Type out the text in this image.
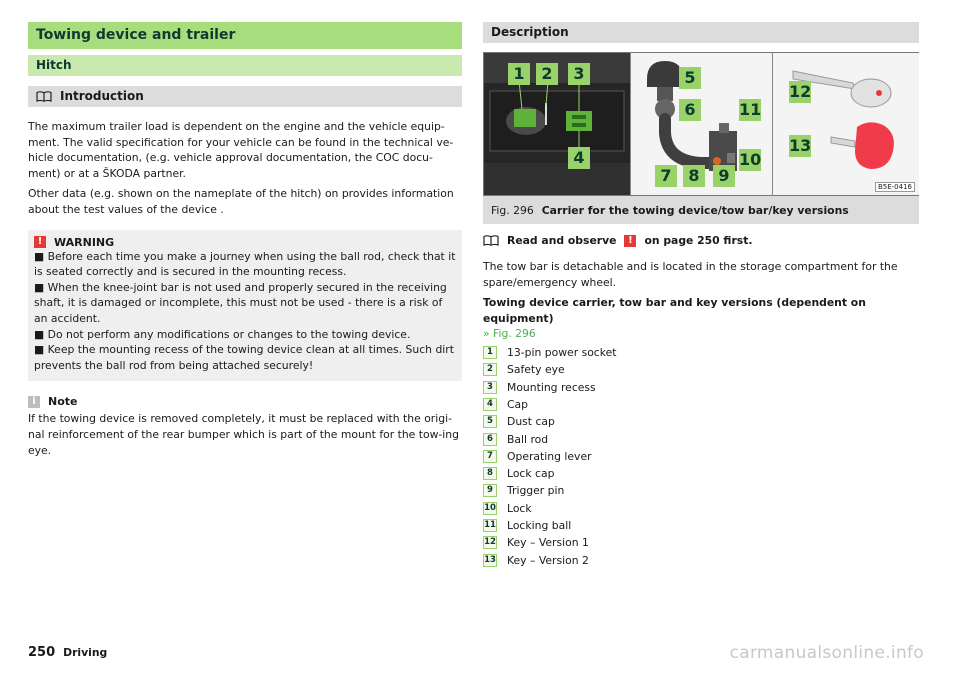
Towing device and trailer
Hitch
Introduction

The maximum trailer load is dependent on the engine and the vehicle equip-ment. The valid specification for your vehicle can be found in the technical ve-hicle documentation, (e.g. vehicle approval documentation, the COC docu-ment) or at a ŠKODA partner.

Other data (e.g. shown on the nameplate of the hitch) on provides information about the test values of the device .

!	WARNING
■ Before each time you make a journey when using the ball rod, check that it is seated correctly and is secured in the mounting recess.
■ When the knee-joint bar is not used and properly secured in the receiving shaft, it is damaged or incomplete, this must not be used - there is a risk of an accident.
■ Do not perform any modifications or changes to the towing device.
■ Keep the mounting recess of the towing device clean at all times. Such dirt prevents the ball rod from being attached securely!
i	Note
If the towing device is removed completely, it must be replaced with the origi-nal reinforcement of the rear bumper which is part of the mount for the tow-ing eye.
Description
1	2	3
4
5
6	11
10
7	8	9
12
13
B5E-0416
Fig. 296 Carrier for the towing device/tow bar/key versions
Read and observe	!	on page 250 first.

The tow bar is detachable and is located in the storage compartment for the spare/emergency wheel.

Towing device carrier, tow bar and key versions (dependent on equipment)
» Fig. 296
1	13-pin power socket
2	Safety eye
3	Mounting recess
4	Cap
5	Dust cap
6	Ball rod
7	Operating lever
8	Lock cap
9	Trigger pin
10 Lock
11 Locking ball
12 Key – Version 1
13 Key – Version 2
250 Driving	carmanualsonline.info
